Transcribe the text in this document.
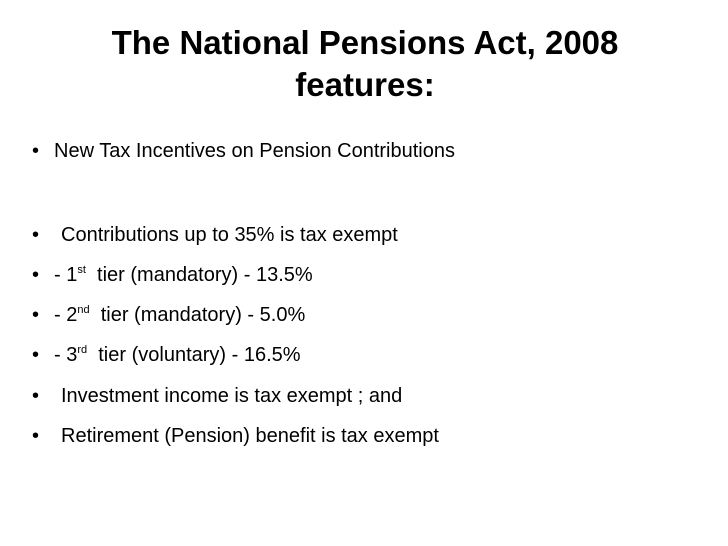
The National Pensions Act, 2008
features:
• New Tax Incentives on Pension Contributions
•	Contributions up to 35% is tax exempt
• - 1st tier (mandatory) - 13.5%
• - 2nd tier (mandatory) - 5.0%
• - 3rd tier (voluntary) - 16.5%
•	Investment income is tax exempt ; and
•	Retirement (Pension) benefit is tax exempt
